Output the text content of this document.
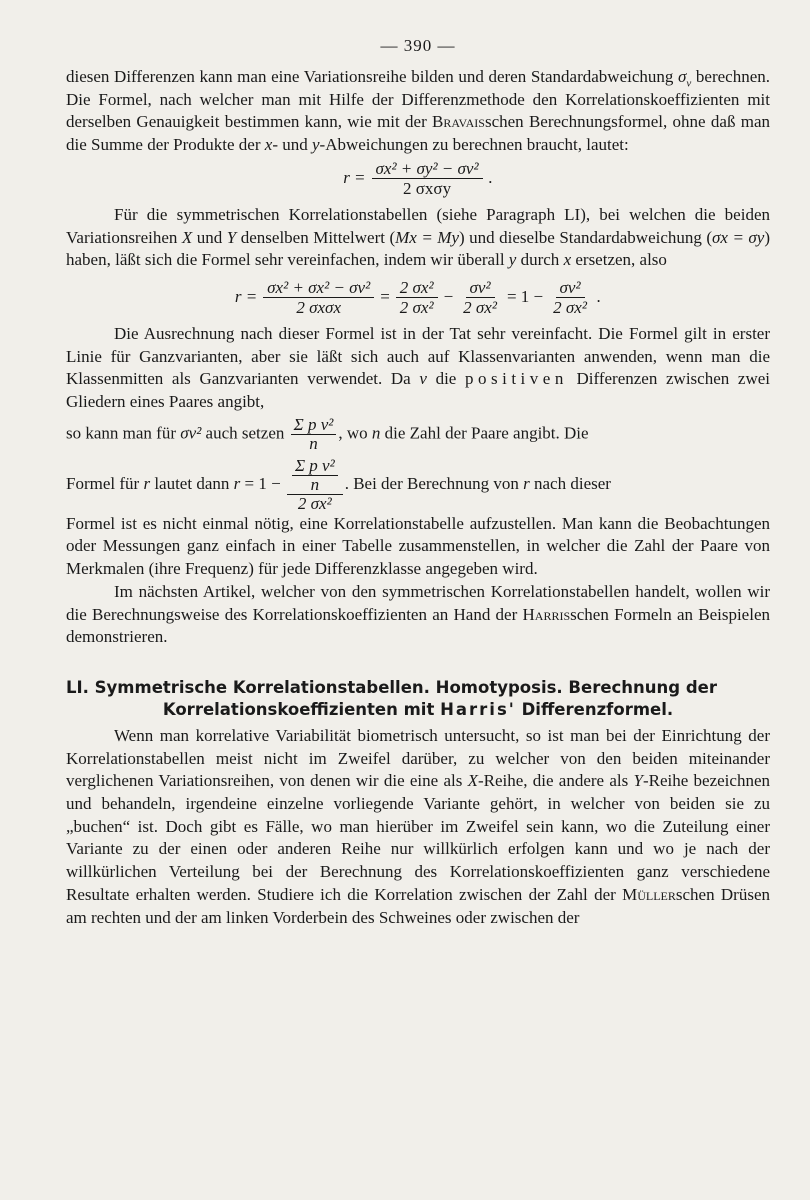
— 390 —

diesen Differenzen kann man eine Variationsreihe bilden und deren Standardabweichung $\sigma_\nu$ berechnen. Die Formel, nach welcher man mit Hilfe der Differenzmethode den Korrelationskoeffizienten mit derselben Genauigkeit bestimmen kann, wie mit der Bravaisschen Berechnungsformel, ohne daß man die Summe der Produkte der x- und y-Abweichungen zu berechnen braucht, lautet:

$r = \frac{\text{σx² + σy² − σν²}}{\text{2 σxσy}}$ .

Für die symmetrischen Korrelationstabellen (siehe Paragraph LI), bei welchen die beiden Variationsreihen X und Y denselben Mittelwert (Mx = My) und dieselbe Standardabweichung (σx = σy) haben, läßt sich die Formel sehr vereinfachen, indem wir überall y durch x ersetzen, also

$r = \frac{\text{σx² + σx² − σν²}}{\text{2 σxσx}} = \frac{\text{2 σx²}}{\text{2 σx²}} - \frac{\text{σν²}}{\text{2 σx²}} = 1 - \frac{\text{σν²}}{\text{2 σx²}}$ .

Die Ausrechnung nach dieser Formel ist in der Tat sehr vereinfacht. Die Formel gilt in erster Linie für Ganzvarianten, aber sie läßt sich auch auf Klassenvarianten anwenden, wenn man die Klassenmitten als Ganzvarianten verwendet. Da ν die positiven Differenzen zwischen zwei Gliedern eines Paares angibt,

so kann man für σν² auch setzen $\frac{\text{Σ p ν²}}{n}$ , wo n die Zahl der Paare angibt. Die

Formel für r lautet dann $r = 1 - \frac{\frac{\text{Σ p ν²}}{n}}{\text{2 σx²}}$ . Bei der Berechnung von r nach dieser

Formel ist es nicht einmal nötig, eine Korrelationstabelle aufzustellen. Man kann die Beobachtungen oder Messungen ganz einfach in einer Tabelle zusammenstellen, in welcher die Zahl der Paare von Merkmalen (ihre Frequenz) für jede Differenzklasse angegeben wird.

Im nächsten Artikel, welcher von den symmetrischen Korrelationstabellen handelt, wollen wir die Berechnungsweise des Korrelationskoeffizienten an Hand der Harrisschen Formeln an Beispielen demonstrieren.

LI. Symmetrische Korrelationstabellen. Homotyposis. Berechnung der
Korrelationskoeffizienten mit Harris' Differenzformel.

Wenn man korrelative Variabilität biometrisch untersucht, so ist man bei der Einrichtung der Korrelationstabellen meist nicht im Zweifel darüber, zu welcher von den beiden miteinander verglichenen Variationsreihen, von denen wir die eine als X-Reihe, die andere als Y-Reihe bezeichnen und behandeln, irgendeine einzelne vorliegende Variante gehört, in welcher von beiden sie zu „buchen“ ist. Doch gibt es Fälle, wo man hierüber im Zweifel sein kann, wo die Zuteilung einer Variante zu der einen oder anderen Reihe nur willkürlich erfolgen kann und wo je nach der willkürlichen Verteilung bei der Berechnung des Korrelationskoeffizienten ganz verschiedene Resultate erhalten werden. Studiere ich die Korrelation zwischen der Zahl der Müllerschen Drüsen am rechten und der am linken Vorderbein des Schweines oder zwischen der
